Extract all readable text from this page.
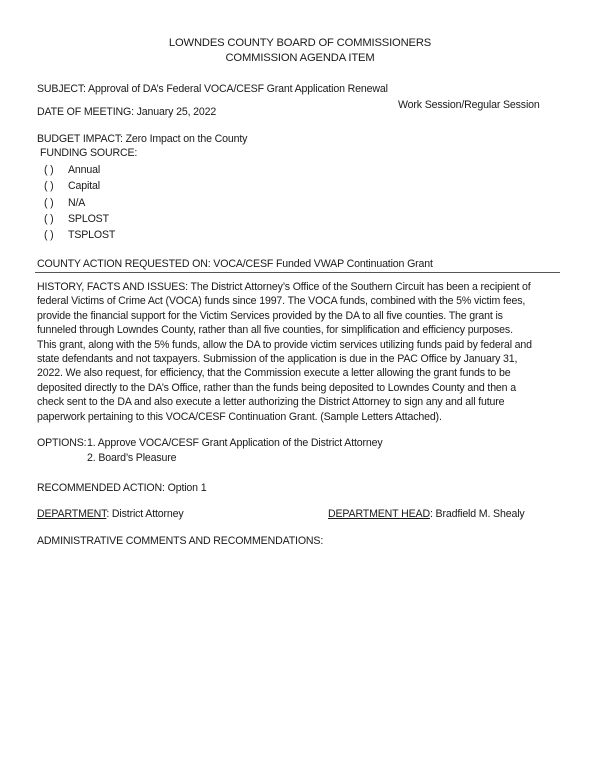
LOWNDES COUNTY BOARD OF COMMISSIONERS
COMMISSION AGENDA ITEM
SUBJECT: Approval of DA’s Federal VOCA/CESF Grant Application Renewal
DATE OF MEETING: January 25, 2022
Work Session/Regular Session
BUDGET IMPACT: Zero Impact on the County
FUNDING SOURCE:
( ) Annual
( ) Capital
( ) N/A
( ) SPLOST
( ) TSPLOST
COUNTY ACTION REQUESTED ON: VOCA/CESF Funded VWAP Continuation Grant
HISTORY, FACTS AND ISSUES: The District Attorney’s Office of the Southern Circuit has been a recipient of
federal Victims of Crime Act (VOCA) funds since 1997. The VOCA funds, combined with the 5% victim fees,
provide the financial support for the Victim Services provided by the DA to all five counties. The grant is
funneled through Lowndes County, rather than all five counties, for simplification and efficiency purposes.
This grant, along with the 5% funds, allow the DA to provide victim services utilizing funds paid by federal and
state defendants and not taxpayers. Submission of the application is due in the PAC Office by January 31,
2022. We also request, for efficiency, that the Commission execute a letter allowing the grant funds to be
deposited directly to the DA’s Office, rather than the funds being deposited to Lowndes County and then a
check sent to the DA and also execute a letter authorizing the District Attorney to sign any and all future
paperwork pertaining to this VOCA/CESF Continuation Grant. (Sample Letters Attached).
OPTIONS: 1. Approve VOCA/CESF Grant Application of the District Attorney
2. Board’s Pleasure
RECOMMENDED ACTION: Option 1
DEPARTMENT: District Attorney	DEPARTMENT HEAD: Bradfield M. Shealy
ADMINISTRATIVE COMMENTS AND RECOMMENDATIONS:
